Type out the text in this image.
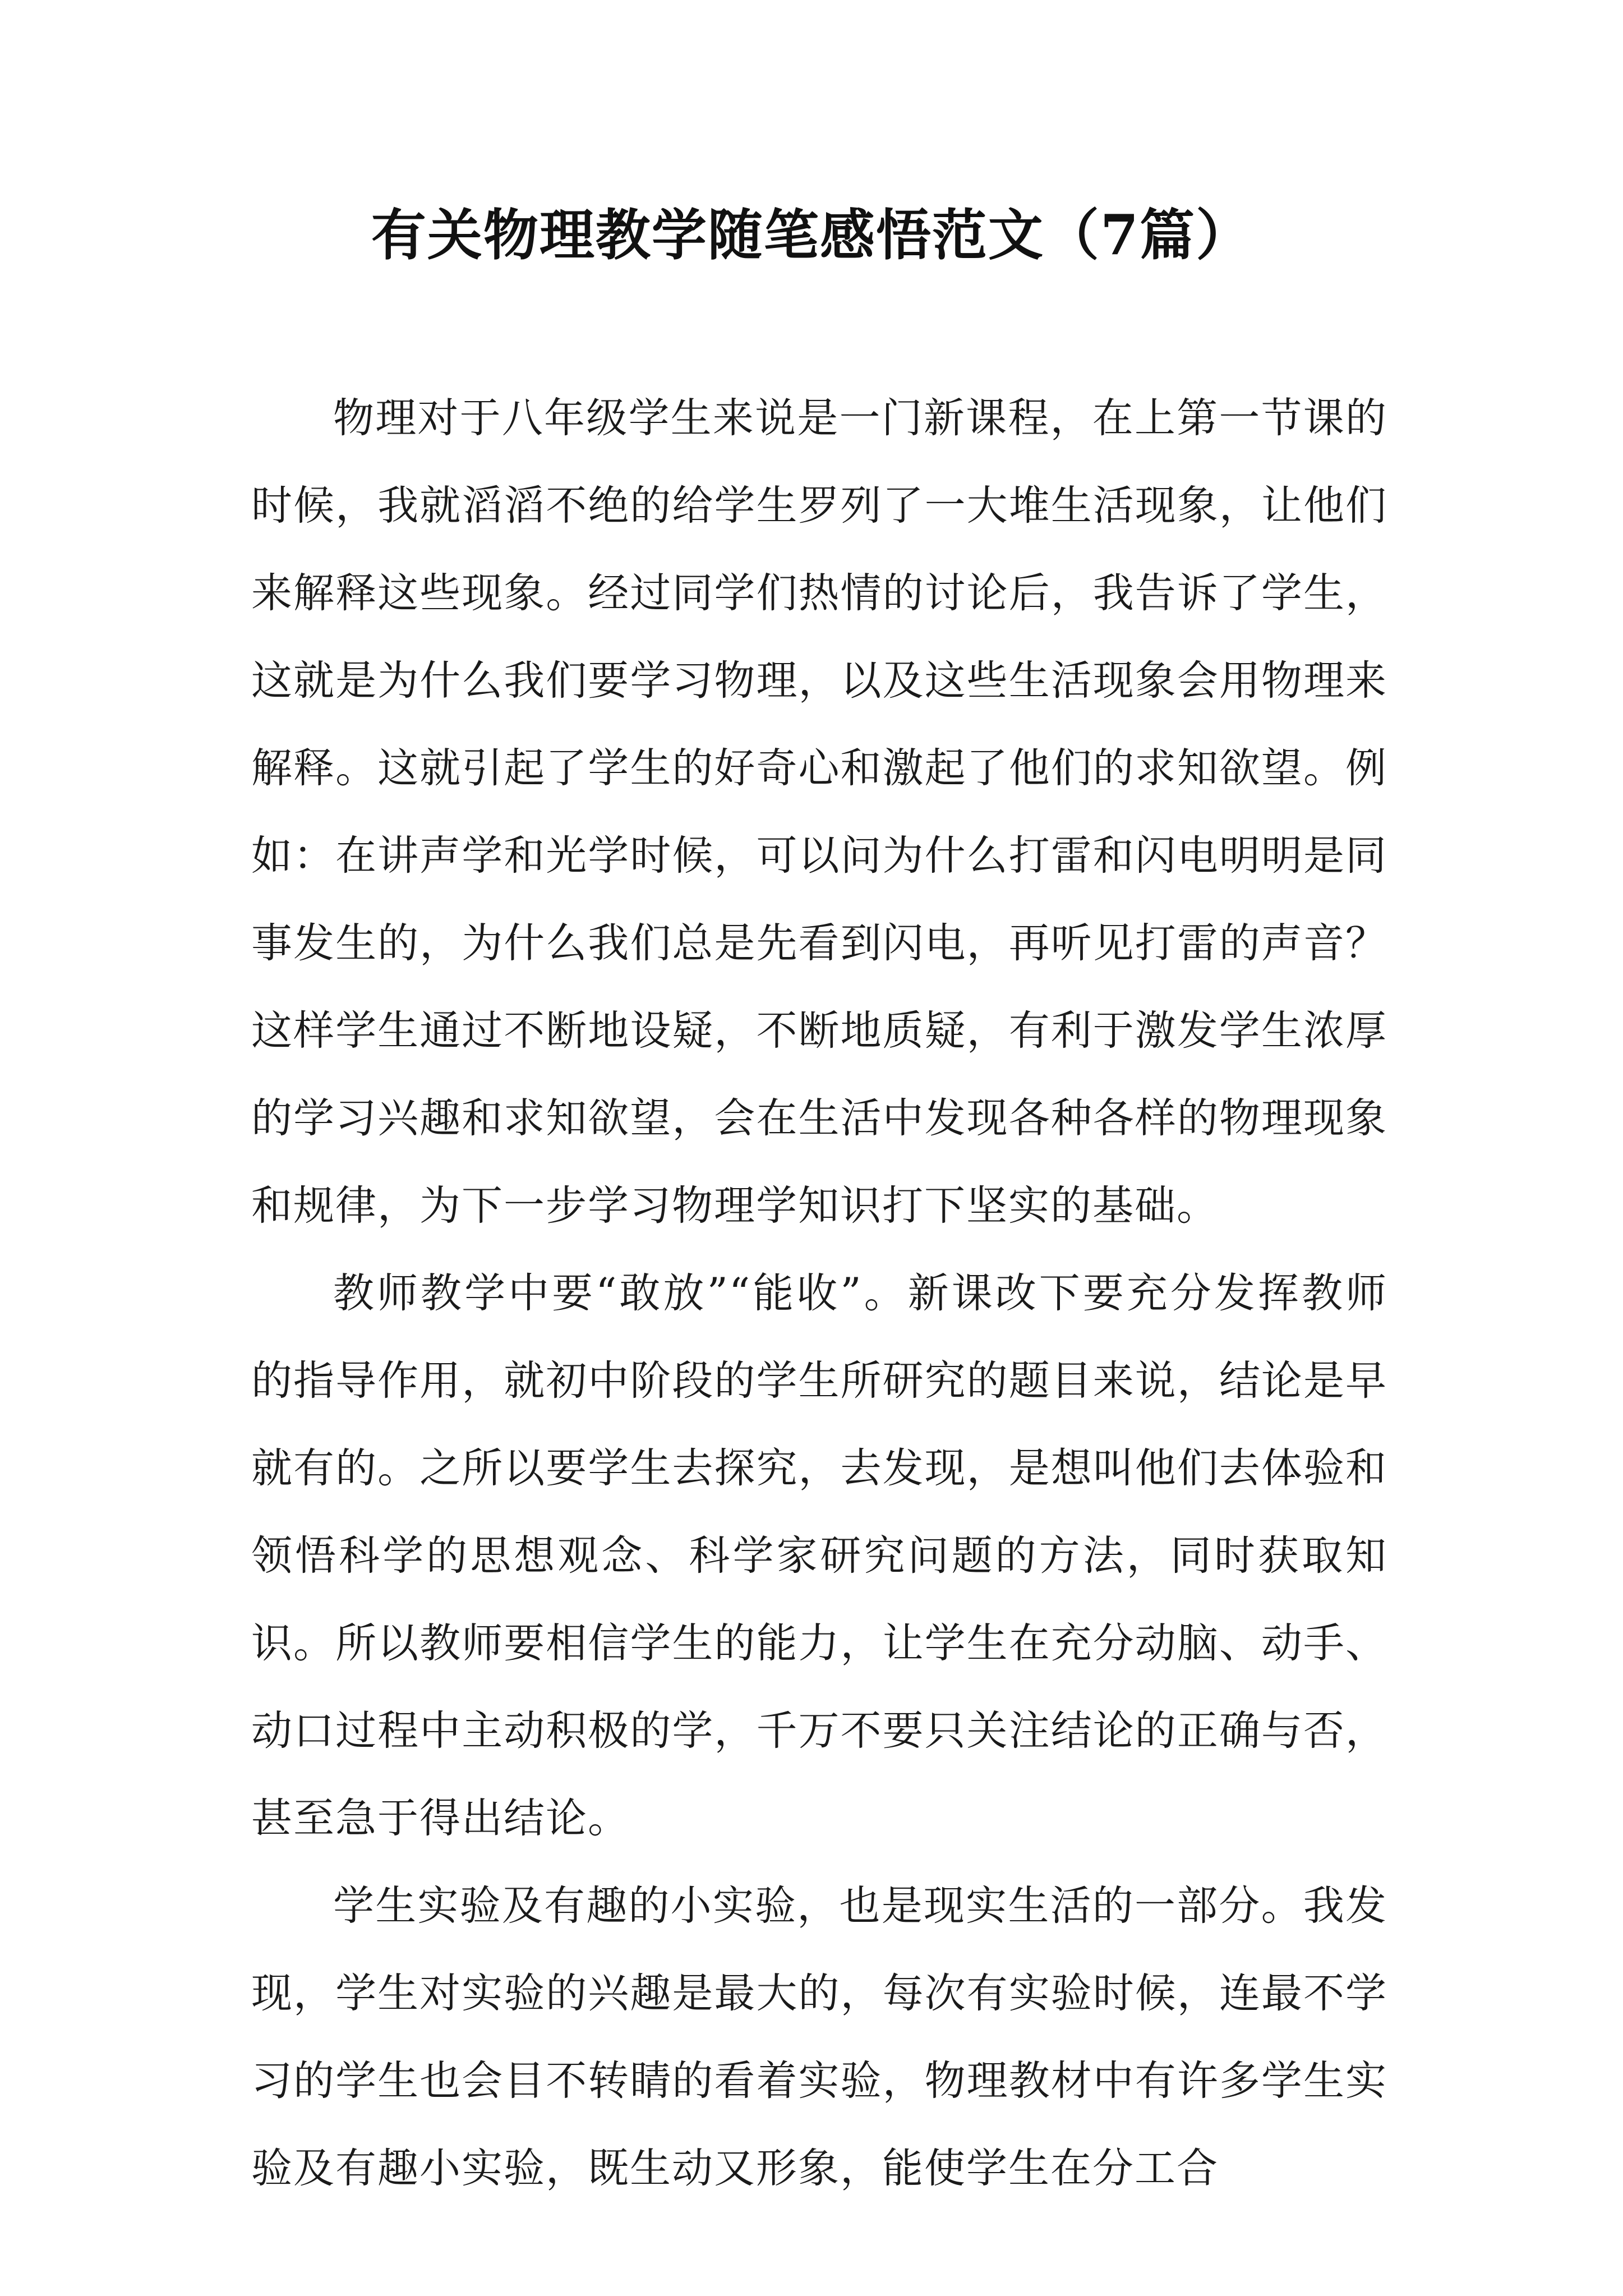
有关物理教学随笔感悟范文（7篇）

物理对于八年级学生来说是一门新课程，在上第一节课的时候，我就滔滔不绝的给学生罗列了一大堆生活现象，让他们来解释这些现象。经过同学们热情的讨论后，我告诉了学生，这就是为什么我们要学习物理，以及这些生活现象会用物理来解释。这就引起了学生的好奇心和激起了他们的求知欲望。例如：在讲声学和光学时候，可以问为什么打雷和闪电明明是同事发生的，为什么我们总是先看到闪电，再听见打雷的声音？这样学生通过不断地设疑，不断地质疑，有利于激发学生浓厚的学习兴趣和求知欲望，会在生活中发现各种各样的物理现象和规律，为下一步学习物理学知识打下坚实的基础。

教师教学中要“敢放”“能收”。新课改下要充分发挥教师的指导作用，就初中阶段的学生所研究的题目来说，结论是早就有的。之所以要学生去探究，去发现，是想叫他们去体验和领悟科学的思想观念、科学家研究问题的方法，同时获取知识。所以教师要相信学生的能力，让学生在充分动脑、动手、动口过程中主动积极的学，千万不要只关注结论的正确与否，甚至急于得出结论。

学生实验及有趣的小实验，也是现实生活的一部分。我发现，学生对实验的兴趣是最大的，每次有实验时候，连最不学习的学生也会目不转睛的看着实验，物理教材中有许多学生实验及有趣小实验，既生动又形象，能使学生在分工合
